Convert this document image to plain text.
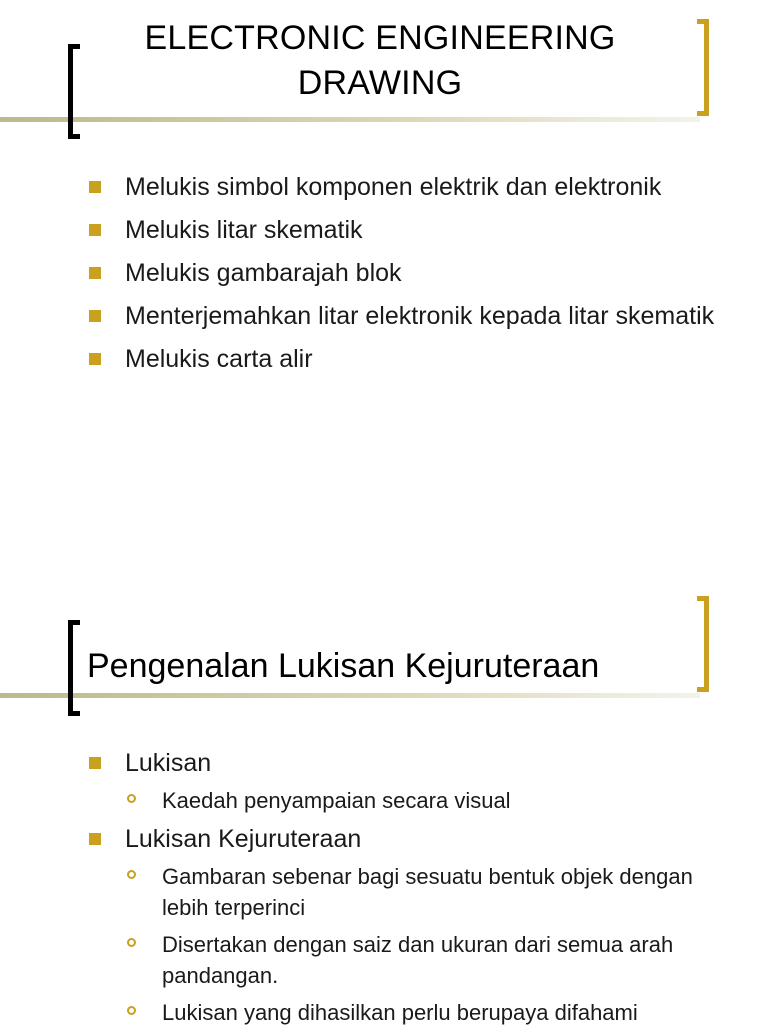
ELECTRONIC ENGINEERING
DRAWING
Melukis simbol komponen elektrik dan elektronik
Melukis litar skematik
Melukis gambarajah blok
Menterjemahkan litar elektronik kepada litar skematik
Melukis carta alir
Pengenalan Lukisan Kejuruteraan
Lukisan
Kaedah penyampaian secara visual
Lukisan Kejuruteraan
Gambaran sebenar bagi sesuatu bentuk objek dengan lebih terperinci
Disertakan dengan saiz dan ukuran dari semua arah pandangan.
Lukisan yang dihasilkan perlu berupaya difahami
